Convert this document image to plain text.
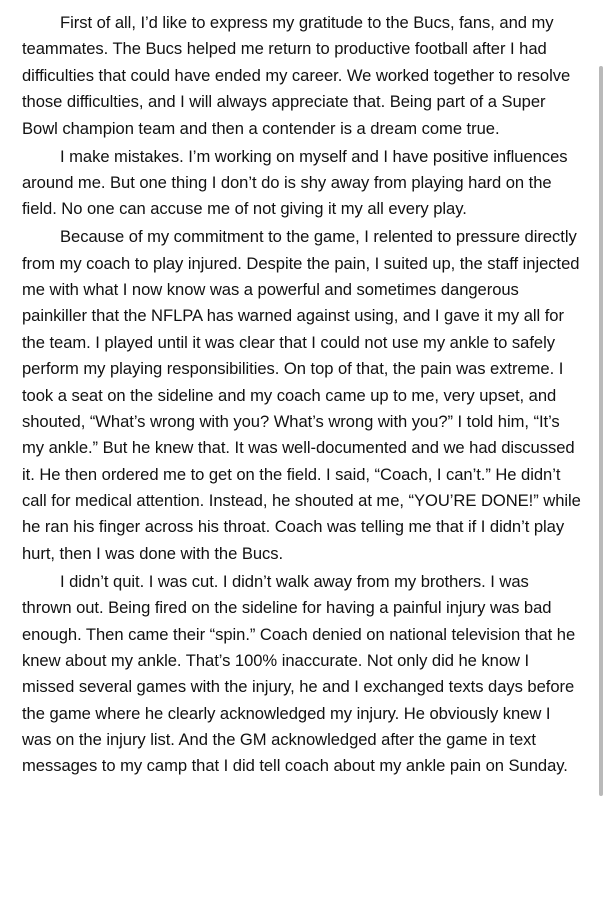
First of all, I’d like to express my gratitude to the Bucs, fans, and my teammates. The Bucs helped me return to productive football after I had difficulties that could have ended my career. We worked together to resolve those difficulties, and I will always appreciate that. Being part of a Super Bowl champion team and then a contender is a dream come true.

I make mistakes. I’m working on myself and I have positive influences around me. But one thing I don’t do is shy away from playing hard on the field. No one can accuse me of not giving it my all every play.

Because of my commitment to the game, I relented to pressure directly from my coach to play injured. Despite the pain, I suited up, the staff injected me with what I now know was a powerful and sometimes dangerous painkiller that the NFLPA has warned against using, and I gave it my all for the team. I played until it was clear that I could not use my ankle to safely perform my playing responsibilities. On top of that, the pain was extreme. I took a seat on the sideline and my coach came up to me, very upset, and shouted, “What’s wrong with you? What’s wrong with you?” I told him, “It’s my ankle.” But he knew that. It was well-documented and we had discussed it. He then ordered me to get on the field. I said, “Coach, I can’t.” He didn’t call for medical attention. Instead, he shouted at me, “YOU’RE DONE!” while he ran his finger across his throat. Coach was telling me that if I didn’t play hurt, then I was done with the Bucs.

I didn’t quit. I was cut. I didn’t walk away from my brothers. I was thrown out. Being fired on the sideline for having a painful injury was bad enough. Then came their “spin.” Coach denied on national television that he knew about my ankle. That’s 100% inaccurate. Not only did he know I missed several games with the injury, he and I exchanged texts days before the game where he clearly acknowledged my injury. He obviously knew I was on the injury list. And the GM acknowledged after the game in text messages to my camp that I did tell coach about my ankle pain on Sunday.
